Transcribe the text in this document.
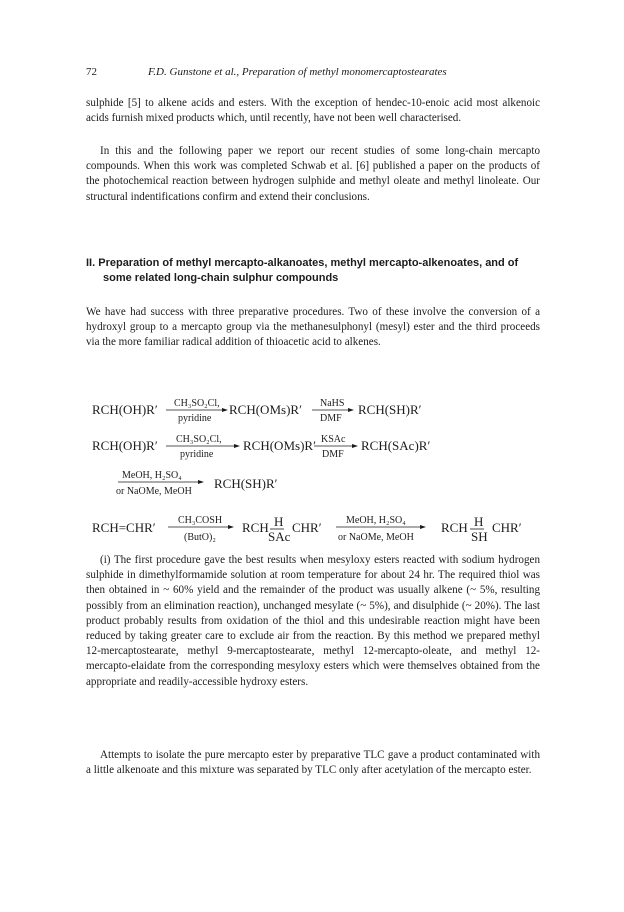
72	F.D. Gunstone et al., Preparation of methyl monomercaptostearates

sulphide [5] to alkene acids and esters. With the exception of hendec-10-enoic acid most alkenoic acids furnish mixed products which, until recently, have not been well characterised.

In this and the following paper we report our recent studies of some long-chain mercapto compounds. When this work was completed Schwab et al. [6] published a paper on the products of the photochemical reaction between hydrogen sulphide and methyl oleate and methyl linoleate. Our structural indentifications confirm and extend their conclusions.

II. Preparation of methyl mercapto-alkanoates, methyl mercapto-alkenoates, and of
some related long-chain sulphur compounds

We have had success with three preparative procedures. Two of these involve the conversion of a hydroxyl group to a mercapto group via the methanesulphonyl (mesyl) ester and the third proceeds via the more familiar radical addition of thioacetic acid to alkenes.

RCH(OH)R′ CH₃SO₂Cl,
pyridine
RCH(OMs)R′ NaHS
DMF
RCH(SH)R′
RCH(OH)R′ CH₃SO₂Cl,
pyridine
RCH(OMs)R′ KSAc
DMF
RCH(SAc)R′
MeOH, H₂SO₄
or NaOMe, MeOH
RCH(SH)R′
RCH=CHR′ CH₃COSH
(ButO)₂
RCH H
SAc
CHR′ MeOH, H₂SO₄
or NaOMe, MeOH
RCH H
SH
CHR′

(i) The first procedure gave the best results when mesyloxy esters reacted with sodium hydrogen sulphide in dimethylformamide solution at room temperature for about 24 hr. The required thiol was then obtained in ~ 60% yield and the remainder of the product was usually alkene (~ 5%, resulting possibly from an elimination reaction), unchanged mesylate (~ 5%), and disulphide (~ 20%). The last product probably results from oxidation of the thiol and this undesirable reaction might have been reduced by taking greater care to exclude air from the reaction. By this method we prepared methyl 12-mercaptostearate, methyl 9-mercaptostearate, methyl 12-mercapto-oleate, and methyl 12-mercapto-elaidate from the corresponding mesyloxy esters which were themselves obtained from the appropriate and readily-accessible hydroxy esters.

Attempts to isolate the pure mercapto ester by preparative TLC gave a product contaminated with a little alkenoate and this mixture was separated by TLC only after acetylation of the mercapto ester.
